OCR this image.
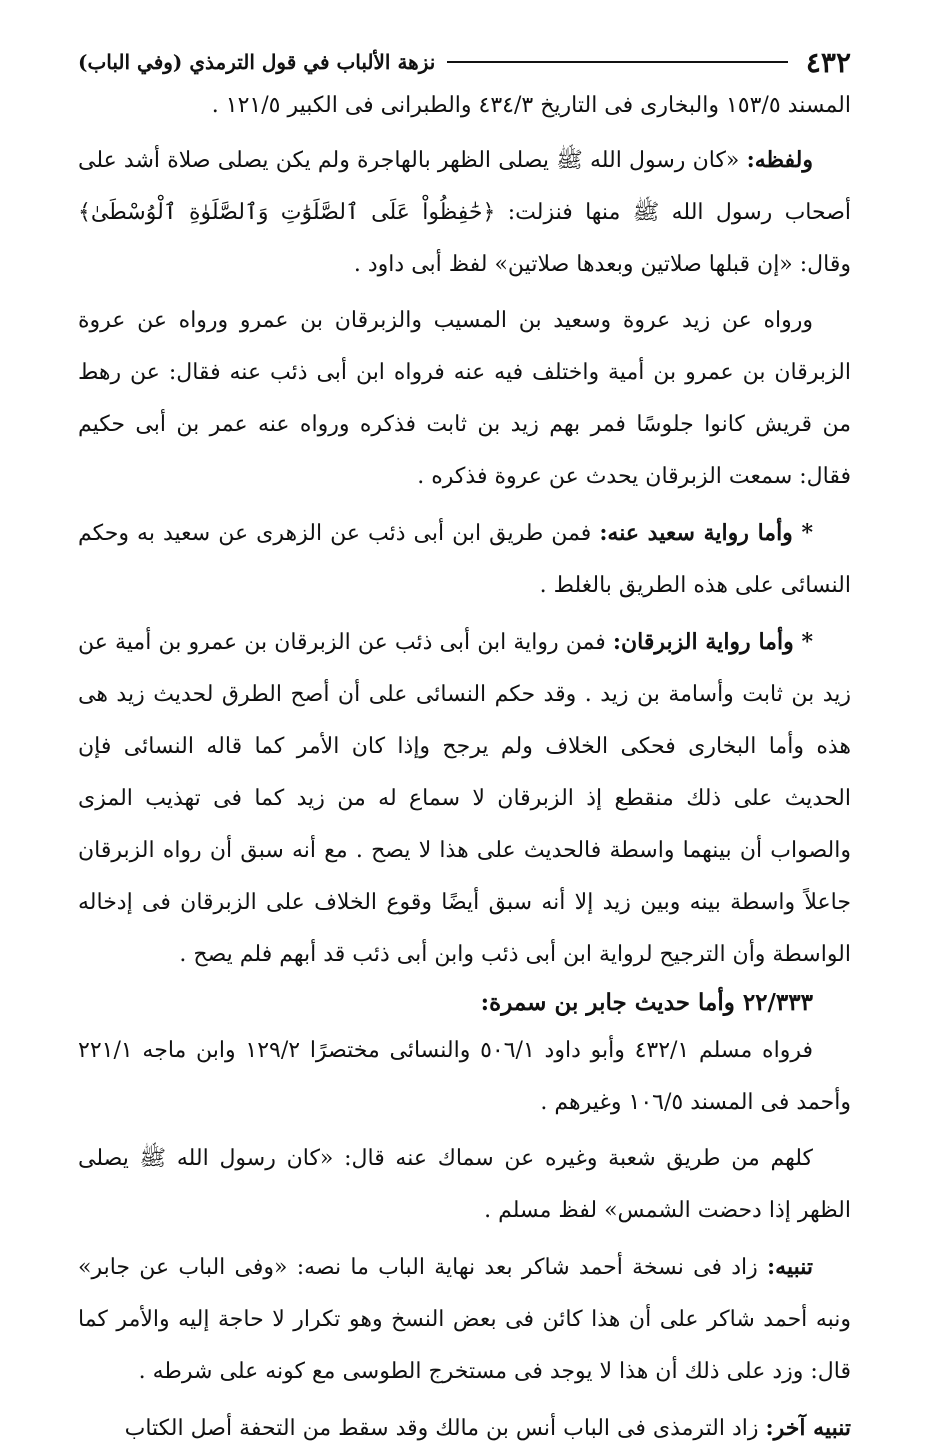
٤٣٢
نزهة الألباب في قول الترمذي (وفي الباب)

المسند ١٥٣/٥ والبخارى فى التاريخ ٤٣٤/٣ والطبرانى فى الكبير ١٢١/٥ .

ولفظه: «كان رسول الله ﷺ يصلى الظهر بالهاجرة ولم يكن يصلى صلاة أشد على أصحاب رسول الله ﷺ منها فنزلت: ﴿حَٰفِظُواْ عَلَى ٱلصَّلَوَٰتِ وَٱلصَّلَوٰةِ ٱلْوُسْطَىٰ﴾ وقال: «إن قبلها صلاتين وبعدها صلاتين» لفظ أبى داود .

ورواه عن زيد عروة وسعيد بن المسيب والزبرقان بن عمرو ورواه عن عروة الزبرقان بن عمرو بن أمية واختلف فيه عنه فرواه ابن أبى ذئب عنه فقال: عن رهط من قريش كانوا جلوسًا فمر بهم زيد بن ثابت فذكره ورواه عنه عمر بن أبى حكيم فقال: سمعت الزبرقان يحدث عن عروة فذكره .

* وأما رواية سعيد عنه: فمن طريق ابن أبى ذئب عن الزهرى عن سعيد به وحكم النسائى على هذه الطريق بالغلط .

* وأما رواية الزبرقان: فمن رواية ابن أبى ذئب عن الزبرقان بن عمرو بن أمية عن زيد بن ثابت وأسامة بن زيد . وقد حكم النسائى على أن أصح الطرق لحديث زيد هى هذه وأما البخارى فحكى الخلاف ولم يرجح وإذا كان الأمر كما قاله النسائى فإن الحديث على ذلك منقطع إذ الزبرقان لا سماع له من زيد كما فى تهذيب المزى والصواب أن بينهما واسطة فالحديث على هذا لا يصح . مع أنه سبق أن رواه الزبرقان جاعلاً واسطة بينه وبين زيد إلا أنه سبق أيضًا وقوع الخلاف على الزبرقان فى إدخاله الواسطة وأن الترجيح لرواية ابن أبى ذئب وابن أبى ذئب قد أبهم فلم يصح .

٢٢/٣٣٣ وأما حديث جابر بن سمرة:

فرواه مسلم ٤٣٢/١ وأبو داود ٥٠٦/١ والنسائى مختصرًا ١٢٩/٢ وابن ماجه ٢٢١/١ وأحمد فى المسند ١٠٦/٥ وغيرهم .

كلهم من طريق شعبة وغيره عن سماك عنه قال: «كان رسول الله ﷺ يصلى الظهر إذا دحضت الشمس» لفظ مسلم .

تنبيه: زاد فى نسخة أحمد شاكر بعد نهاية الباب ما نصه: «وفى الباب عن جابر» ونبه أحمد شاكر على أن هذا كائن فى بعض النسخ وهو تكرار لا حاجة إليه والأمر كما قال: وزد على ذلك أن هذا لا يوجد فى مستخرج الطوسى مع كونه على شرطه .

تنبيه آخر: زاد الترمذى فى الباب أنس بن مالك وقد سقط من التحفة أصل الكتاب
